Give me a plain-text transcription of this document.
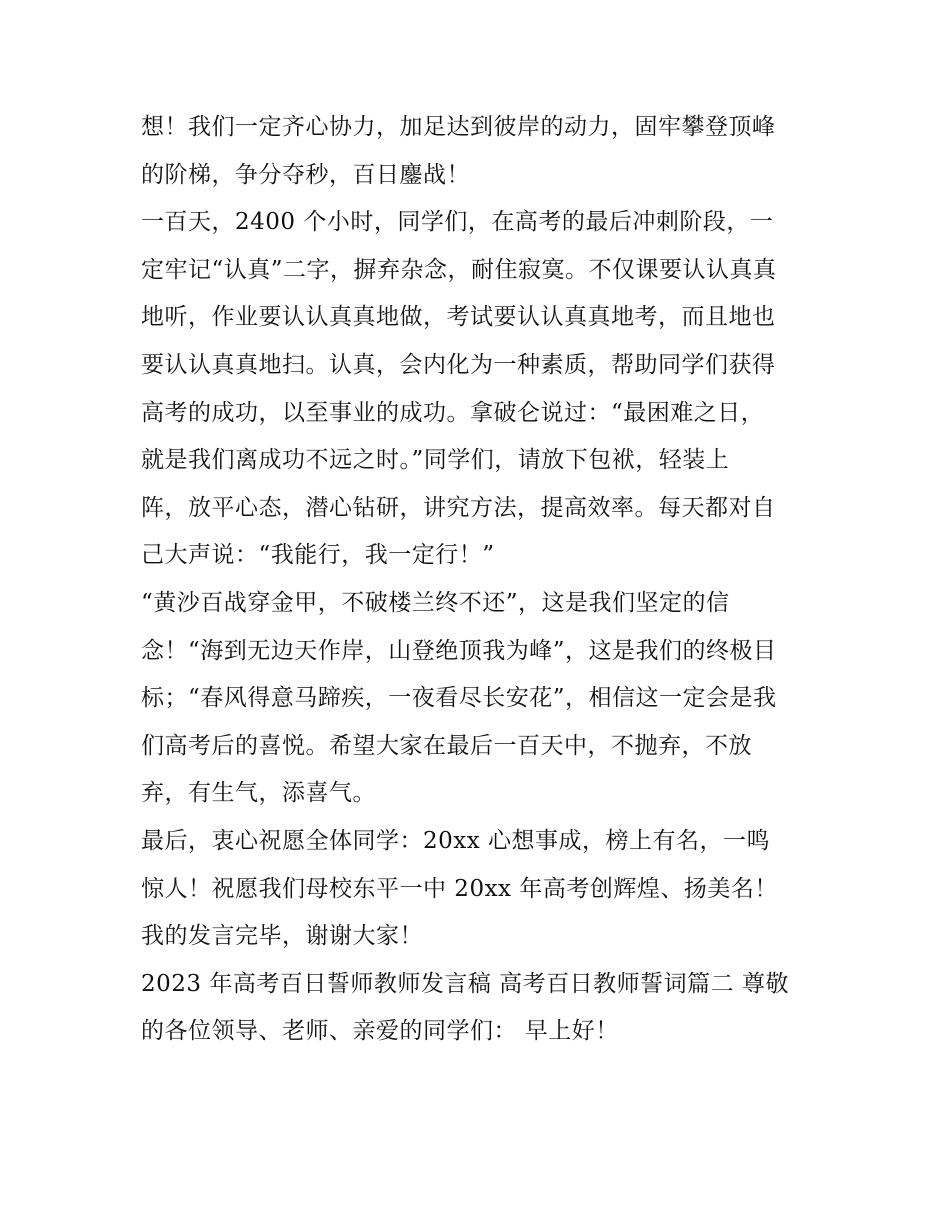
想！我们一定齐心协力，加足达到彼岸的动力，固牢攀登顶峰
的阶梯，争分夺秒，百日鏖战！
一百天，2400 个小时，同学们，在高考的最后冲刺阶段，一
定牢记“认真”二字，摒弃杂念，耐住寂寞。不仅课要认认真真
地听，作业要认认真真地做，考试要认认真真地考，而且地也
要认认真真地扫。认真，会内化为一种素质，帮助同学们获得
高考的成功，以至事业的成功。拿破仑说过：“最困难之日，
就是我们离成功不远之时。”同学们，请放下包袱，轻装上
阵，放平心态，潜心钻研，讲究方法，提高效率。每天都对自
己大声说：“我能行，我一定行！”
“黄沙百战穿金甲，不破楼兰终不还”，这是我们坚定的信
念！“海到无边天作岸，山登绝顶我为峰”，这是我们的终极目
标；“春风得意马蹄疾，一夜看尽长安花”，相信这一定会是我
们高考后的喜悦。希望大家在最后一百天中，不抛弃，不放
弃，有生气，添喜气。
最后，衷心祝愿全体同学：20xx 心想事成，榜上有名，一鸣
惊人！祝愿我们母校东平一中 20xx 年高考创辉煌、扬美名！
我的发言完毕，谢谢大家！
2023 年高考百日誓师教师发言稿 高考百日教师誓词篇二 尊敬
的各位领导、老师、亲爱的同学们： 早上好！
